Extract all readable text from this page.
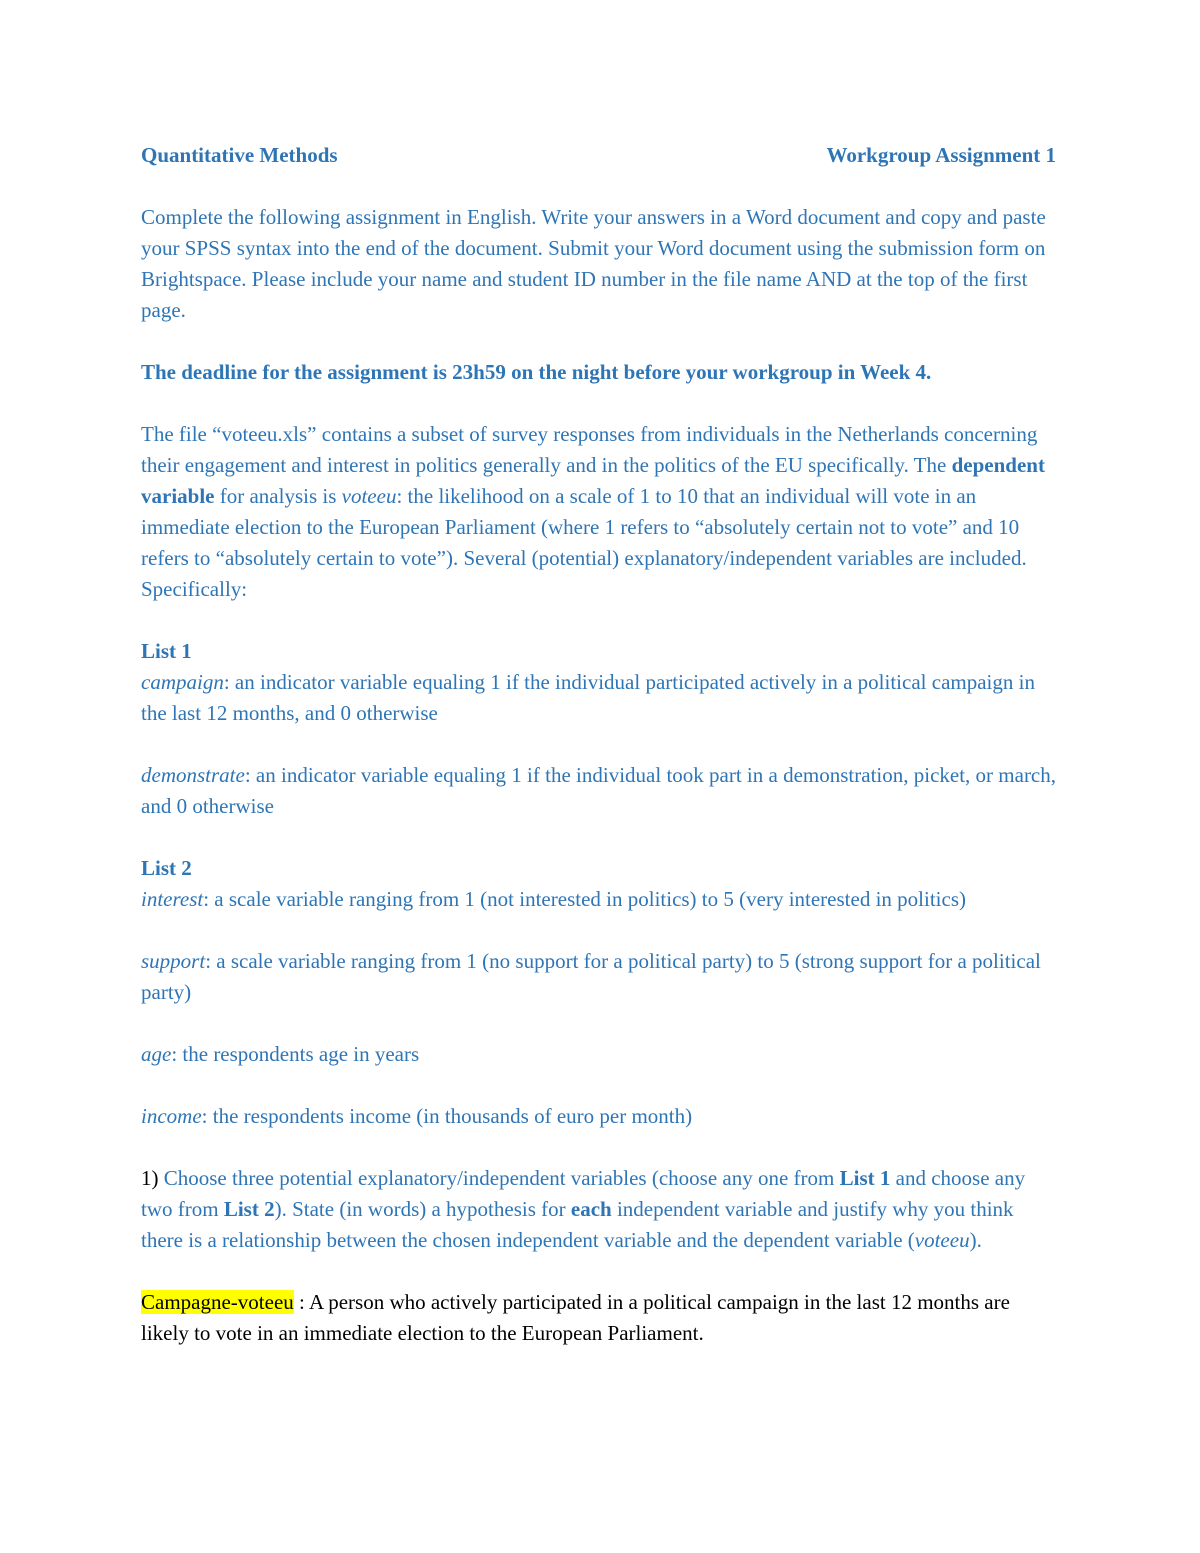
Quantitative Methods	Workgroup Assignment 1

Complete the following assignment in English. Write your answers in a Word document and copy and paste your SPSS syntax into the end of the document. Submit your Word document using the submission form on Brightspace. Please include your name and student ID number in the file name AND at the top of the first page.

The deadline for the assignment is 23h59 on the night before your workgroup in Week 4.

The file “voteeu.xls” contains a subset of survey responses from individuals in the Netherlands concerning their engagement and interest in politics generally and in the politics of the EU specifically. The dependent variable for analysis is voteeu: the likelihood on a scale of 1 to 10 that an individual will vote in an immediate election to the European Parliament (where 1 refers to “absolutely certain not to vote” and 10 refers to “absolutely certain to vote”). Several (potential) explanatory/independent variables are included. Specifically:

List 1
campaign: an indicator variable equaling 1 if the individual participated actively in a political campaign in the last 12 months, and 0 otherwise

demonstrate: an indicator variable equaling 1 if the individual took part in a demonstration, picket, or march, and 0 otherwise

List 2
interest: a scale variable ranging from 1 (not interested in politics) to 5 (very interested in politics)

support: a scale variable ranging from 1 (no support for a political party) to 5 (strong support for a political party)

age: the respondents age in years

income: the respondents income (in thousands of euro per month)

1) Choose three potential explanatory/independent variables (choose any one from List 1 and choose any two from List 2). State (in words) a hypothesis for each independent variable and justify why you think there is a relationship between the chosen independent variable and the dependent variable (voteeu).

Campagne-voteeu : A person who actively participated in a political campaign in the last 12 months are likely to vote in an immediate election to the European Parliament.
